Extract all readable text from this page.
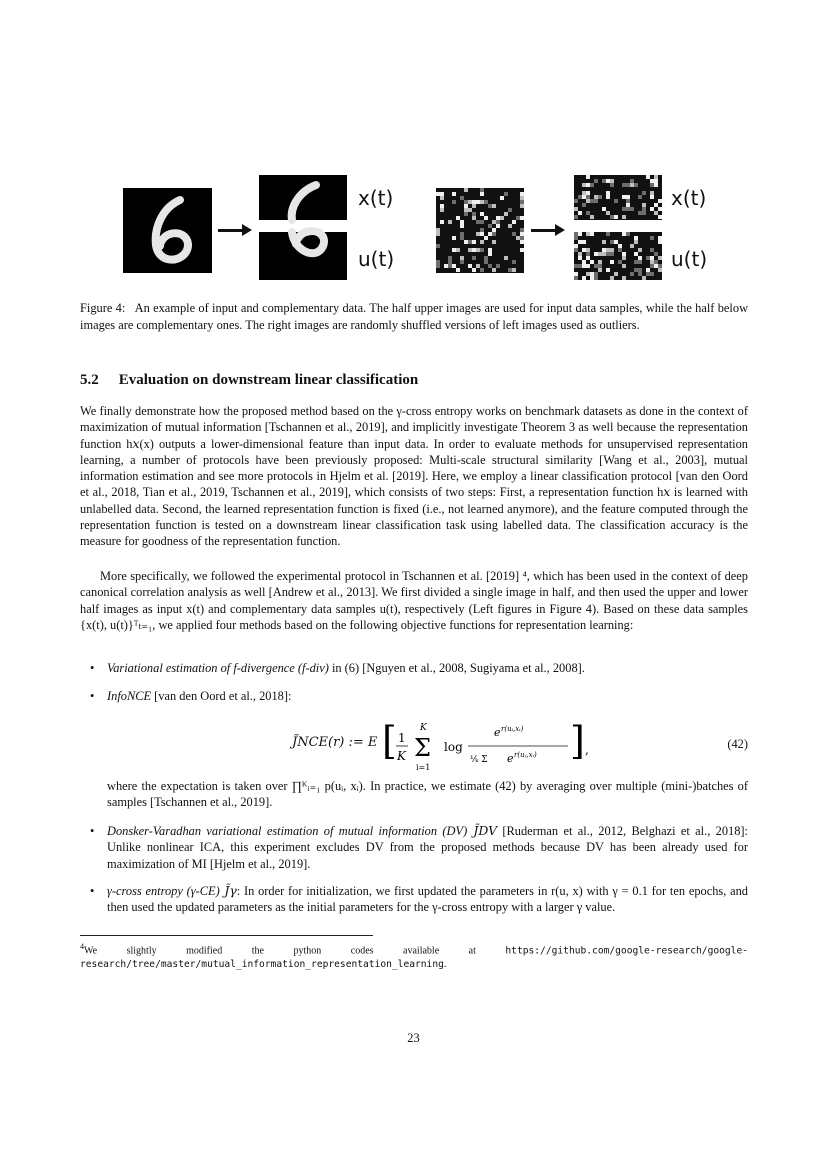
x(t)
u(t)
x(t)
u(t)
Figure 4: An example of input and complementary data. The half upper images are used for input data samples, while the half below images are complementary ones. The right images are randomly shuffled versions of left images used as outliers.
5.2 Evaluation on downstream linear classification
We finally demonstrate how the proposed method based on the γ-cross entropy works on benchmark datasets as done in the context of maximization of mutual information [Tschannen et al., 2019], and implicitly investigate Theorem 3 as well because the representation function h𝑥(x) outputs a lower-dimensional feature than input data. In order to evaluate methods for unsupervised representation learning, a number of protocols have been previously proposed: Multi-scale structural similarity [Wang et al., 2003], mutual information estimation and see more protocols in Hjelm et al. [2019]. Here, we employ a linear classification protocol [van den Oord et al., 2018, Tian et al., 2019, Tschannen et al., 2019], which consists of two steps: First, a representation function h𝑥 is learned with unlabelled data. Second, the learned representation function is fixed (i.e., not learned anymore), and the feature computed through the representation function is tested on a downstream linear classification task using labelled data. The classification accuracy is the measure for goodness of the representation function.
More specifically, we followed the experimental protocol in Tschannen et al. [2019] ⁴, which has been used in the context of deep canonical correlation analysis as well [Andrew et al., 2013]. We first divided a single image in half, and then used the upper and lower half images as input x(t) and complementary data samples u(t), respectively (Left figures in Figure 4). Based on these data samples {x(t), u(t)}ᵀₜ₌₁, we applied four methods based on the following objective functions for representation learning:
• Variational estimation of f-divergence (f-div) in (6) [Nguyen et al., 2008, Sugiyama et al., 2008].
• InfoNCE [van den Oord et al., 2018]:
J̃NCE(r) := E [ 1
K
K
Σ
i=1
log
e r(uᵢ,xᵢ)
¹⁄ₖ Σ e r(uⱼ,xᵢ) ] ,	(42)
where the expectation is taken over ∏ᴷᵢ₌₁ p(uᵢ, xᵢ). In practice, we estimate (42) by averaging over multiple (mini-)batches of samples [Tschannen et al., 2019].
• Donsker-Varadhan variational estimation of mutual information (DV) J̃DV [Ruderman et al., 2012, Belghazi et al., 2018]: Unlike nonlinear ICA, this experiment excludes DV from the proposed methods because DV has been already used for maximization of MI [Hjelm et al., 2019].
• γ-cross entropy (γ-CE) J̃γ: In order for initialization, we first updated the parameters in r(u, x) with γ = 0.1 for ten epochs, and then used the updated parameters as the initial parameters for the γ-cross entropy with a larger γ value.
$^4$We slightly modified the python codes available at https://github.com/google-research/google-research/tree/master/mutual_information_representation_learning.
23
